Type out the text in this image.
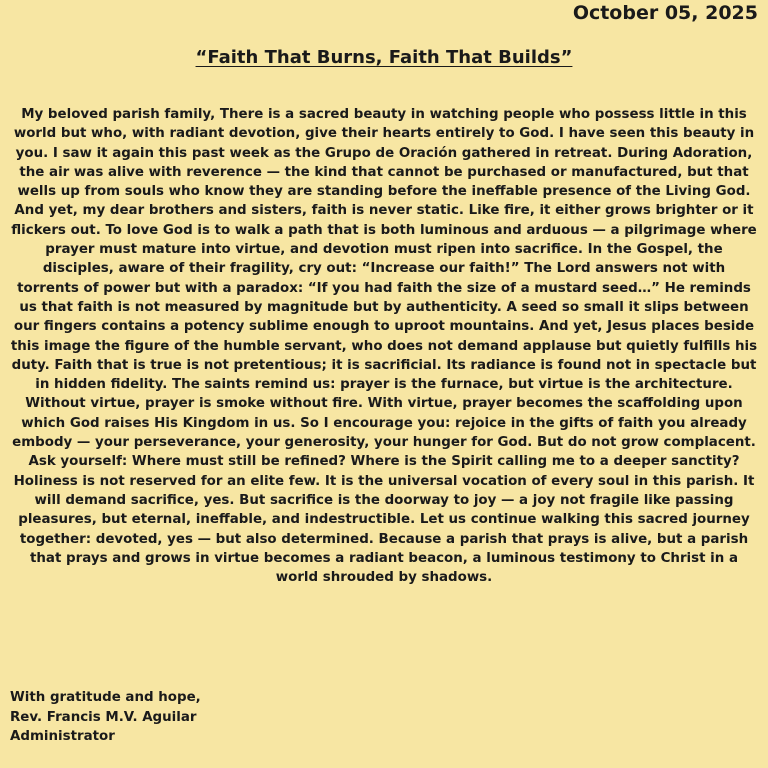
October 05, 2025
“Faith That Burns, Faith That Builds”
My beloved parish family, There is a sacred beauty in watching people who possess little in this world but who, with radiant devotion, give their hearts entirely to God. I have seen this beauty in you. I saw it again this past week as the Grupo de Oración gathered in retreat. During Adoration, the air was alive with reverence — the kind that cannot be purchased or manufactured, but that wells up from souls who know they are standing before the ineffable presence of the Living God. And yet, my dear brothers and sisters, faith is never static. Like fire, it either grows brighter or it flickers out. To love God is to walk a path that is both luminous and arduous — a pilgrimage where prayer must mature into virtue, and devotion must ripen into sacrifice. In the Gospel, the disciples, aware of their fragility, cry out: “Increase our faith!” The Lord answers not with torrents of power but with a paradox: “If you had faith the size of a mustard seed…” He reminds us that faith is not measured by magnitude but by authenticity. A seed so small it slips between our fingers contains a potency sublime enough to uproot mountains. And yet, Jesus places beside this image the figure of the humble servant, who does not demand applause but quietly fulfills his duty. Faith that is true is not pretentious; it is sacrificial. Its radiance is found not in spectacle but in hidden fidelity. The saints remind us: prayer is the furnace, but virtue is the architecture. Without virtue, prayer is smoke without fire. With virtue, prayer becomes the scaffolding upon which God raises His Kingdom in us. So I encourage you: rejoice in the gifts of faith you already embody — your perseverance, your generosity, your hunger for God. But do not grow complacent. Ask yourself: Where must still be refined? Where is the Spirit calling me to a deeper sanctity? Holiness is not reserved for an elite few. It is the universal vocation of every soul in this parish. It will demand sacrifice, yes. But sacrifice is the doorway to joy — a joy not fragile like passing pleasures, but eternal, ineffable, and indestructible. Let us continue walking this sacred journey together: devoted, yes — but also determined. Because a parish that prays is alive, but a parish that prays and grows in virtue becomes a radiant beacon, a luminous testimony to Christ in a world shrouded by shadows.
With gratitude and hope,
Rev. Francis M.V. Aguilar
Administrator
